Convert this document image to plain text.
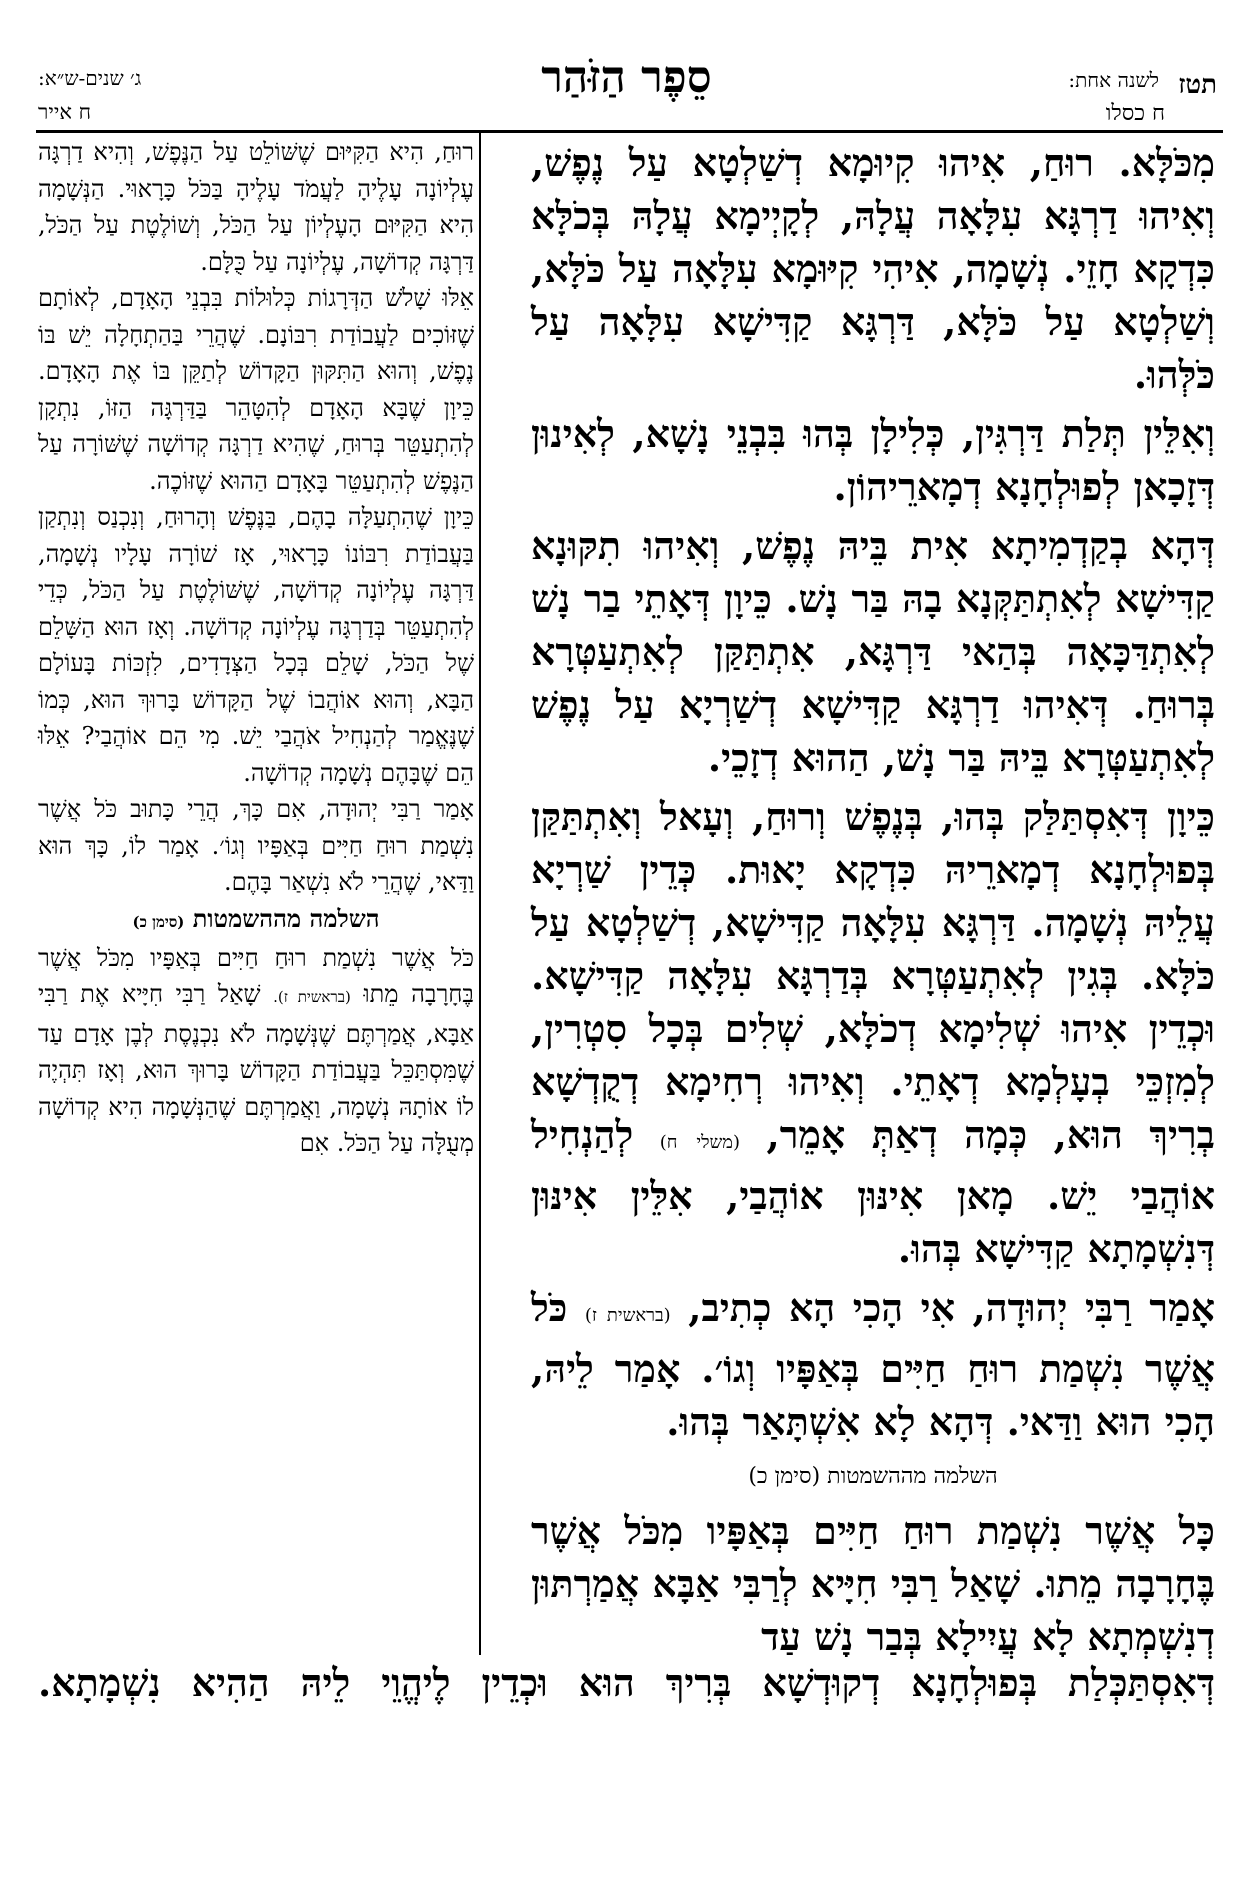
תטז
לשנה אחת:
ח כסלו
סֵפֶר הַזֹּהַר
ג׳ שנים-ש״א:
ח אייר

מִכֹּלָּא. רוּחַ, אִיהוּ קִיוּמָא דְשַׁלְטָא עַל נֶפֶשׁ, וְאִיהוּ דַרְגָּא עִלָּאָה עֲלָהּ, לְקָיְימָא עֲלָהּ בְּכֹלָּא כִּדְקָא חָזֵי. נְשָׁמָה, אִיהִי קִיּוּמָא עִלָּאָה עַל כֹּלָּא, וְשַׁלְטָא עַל כֹּלָּא, דַּרְגָּא קַדִּישָׁא עִלָּאָה עַל כֹּלְּהוּ.

וְאִלֵּין תְּלַת דַּרְגִּין, כְּלִילָן בְּהוּ בִּבְנֵי נָשָׁא, לְאִינוּן דְּזָכָאן לְפוּלְחָנָא דְמָארֵיהוֹן.

דְּהָא בְקַדְמִיתָא אִית בֵּיהּ נֶפֶשׁ, וְאִיהוּ תִקּוּנָא קַדִּישָׁא לְאִתְתַּקְּנָא בָהּ בַּר נָשׁ. כֵּיוָן דְּאָתֵי בַר נָשׁ לְאִתְדַּכָּאָה בְּהַאי דַּרְגָּא, אִתְתַּקַּן לְאִתְעַטְּרָא בְּרוּחַ. דְּאִיהוּ דַרְגָּא קַדִּישָׁא דְשַׁרְיָא עַל נֶפֶשׁ לְאִתְעַטְּרָא בֵּיהּ בַּר נָשׁ, הַהוּא דְזָכֵי.

כֵּיוָן דְּאִסְתַּלַּק בְּהוּ, בְּנֶפֶשׁ וְרוּחַ, וְעָאל וְאִתְתַּקַּן בְּפוּלְחָנָא דְמָארֵיהּ כִּדְקָא יָאוּת. כְּדֵין שַׁרְיָא עֲלֵיהּ נְשָׁמָה. דַּרְגָּא עִלָּאָה קַדִּישָׁא, דְשַׁלְטָא עַל כֹּלָּא. בְּגִין לְאִתְעַטְּרָא בְּדַרְגָּא עִלָּאָה קַדִּישָׁא. וּכְדֵין אִיהוּ שְׁלִימָא דְכֹלָּא, שְׁלִים בְּכָל סִטְרִין, לְמִזְכֵּי בְעָלְמָא דְאָתֵי. וְאִיהוּ רְחִימָא דְקֻדְשָׁא בְרִיךְ הוּא, כְּמָה דְאַתְּ אָמֵר, (משלי ח) לְהַנְחִיל אוֹהֲבַי יֵשׁ. מָאן אִינּוּן אוֹהֲבַי, אִלֵּין אִינּוּן דְּנִשְׁמָתָא קַדִּישָׁא בְּהוּ.

אָמַר רַבִּי יְהוּדָה, אִי הָכִי הָא כְתִיב, (בראשית ז) כֹּל אֲשֶׁר נִשְׁמַת רוּחַ חַיִּים בְּאַפָּיו וְגוֹ׳. אָמַר לֵיהּ, הָכִי הוּא וַדַּאי. דְּהָא לָא אִשְׁתָּאַר בְּהוּ.

השלמה מההשמטות (סימן כ)

כָּל אֲשֶׁר נִשְׁמַת רוּחַ חַיִּים בְּאַפָּיו מִכֹּל אֲשֶׁר בֶּחָרָבָה מֵתוּ. שָׁאַל רַבִּי חִיָּיא לְרַבִּי אַבָּא אֲמַרְתּוּן דְנִשְׁמְתָא לָא עֲיִילָא בְּבַר נָשׁ עַד

רוּחַ, הִיא הַקִּיּוּם שֶׁשּׁוֹלֵט עַל הַנֶּפֶשׁ, וְהִיא דַרְגָּה עֶלְיוֹנָה עָלֶיהָ לַעֲמֹד עָלֶיהָ בַּכֹּל כָּרָאוּי. הַנְּשָׁמָה הִיא הַקִּיּוּם הָעֶלְיוֹן עַל הַכֹּל, וְשׁוֹלֶטֶת עַל הַכֹּל, דַּרְגָּה קְדוֹשָׁה, עֶלְיוֹנָה עַל כֻּלָּם.

אֵלּוּ שָׁלֹשׁ הַדְּרָגוֹת כְּלוּלוֹת בִּבְנֵי הָאָדָם, לְאוֹתָם שֶׁזּוֹכִים לַעֲבוֹדַת רִבּוֹנָם. שֶׁהֲרֵי בַּהַתְחָלָה יֵשׁ בּוֹ נֶפֶשׁ, וְהוּא הַתִּקּוּן הַקָּדוֹשׁ לְתַקֵּן בּוֹ אֶת הָאָדָם. כֵּיוָן שֶׁבָּא הָאָדָם לְהִטָּהֵר בַּדַּרְגָּה הַזּוֹ, נִתְקָן לְהִתְעַטֵּר בְּרוּחַ, שֶׁהִיא דַרְגָּה קְדוֹשָׁה שֶׁשּׁוֹרָה עַל הַנֶּפֶשׁ לְהִתְעַטֵּר בָּאָדָם הַהוּא שֶׁזּוֹכֶה.

כֵּיוָן שֶׁהִתְעַלָּה בָהֶם, בַּנֶּפֶשׁ וְהָרוּחַ, וְנִכְנַס וְנִתְקַן בַּעֲבוֹדַת רִבּוֹנוֹ כָּרָאוּי, אָז שׁוֹרָה עָלָיו נְשָׁמָה, דַּרְגָּה עֶלְיוֹנָה קְדוֹשָׁה, שֶׁשּׁוֹלֶטֶת עַל הַכֹּל, כְּדֵי לְהִתְעַטֵּר בְּדַרְגָּה עֶלְיוֹנָה קְדוֹשָׁה. וְאָז הוּא הַשָּׁלֵם שֶׁל הַכֹּל, שָׁלֵם בְּכָל הַצְּדָדִים, לִזְכּוֹת בָּעוֹלָם הַבָּא, וְהוּא אוֹהֲבוֹ שֶׁל הַקָּדוֹשׁ בָּרוּךְ הוּא, כְּמוֹ שֶׁנֶּאֱמַר לְהַנְחִיל אֹהֲבַי יֵשׁ. מִי הֵם אוֹהֲבַי? אֵלּוּ הֵם שֶׁבָּהֶם נְשָׁמָה קְדוֹשָׁה.

אָמַר רַבִּי יְהוּדָה, אִם כָּךְ, הֲרֵי כָּתוּב כֹּל אֲשֶׁר נִשְׁמַת רוּחַ חַיִּים בְּאַפָּיו וְגוֹ׳. אָמַר לוֹ, כָּךְ הוּא וַדַּאי, שֶׁהֲרֵי לֹא נִשְׁאַר בָּהֶם.

השלמה מההשמטות (סימן כ)

כֹּל אֲשֶׁר נִשְׁמַת רוּחַ חַיִּים בְּאַפָּיו מִכֹּל אֲשֶׁר בֶּחָרָבָה מֵתוּ (בראשית ז). שָׁאַל רַבִּי חִיָּיא אֶת רַבִּי אַבָּא, אֲמַרְתֶּם שֶׁנְּשָׁמָה לֹא נִכְנֶסֶת לְבֶן אָדָם עַד שֶׁמִּסְתַּכֵּל בַּעֲבוֹדַת הַקָּדוֹשׁ בָּרוּךְ הוּא, וְאָז תִּהְיֶה לוֹ אוֹתָהּ נְשָׁמָה, וַאֲמַרְתֶּם שֶׁהַנְּשָׁמָה הִיא קְדוֹשָׁה מְעֻלָּה עַל הַכֹּל. אִם

דְּאִסְתַּכְּלַת בְּפוּלְחָנָא דְקוּדְשָׁא בְּרִיךְ הוּא וּכְדֵין לֶיהֱוֵי לֵיהּ הַהִיא נִשְׁמָתָא.
